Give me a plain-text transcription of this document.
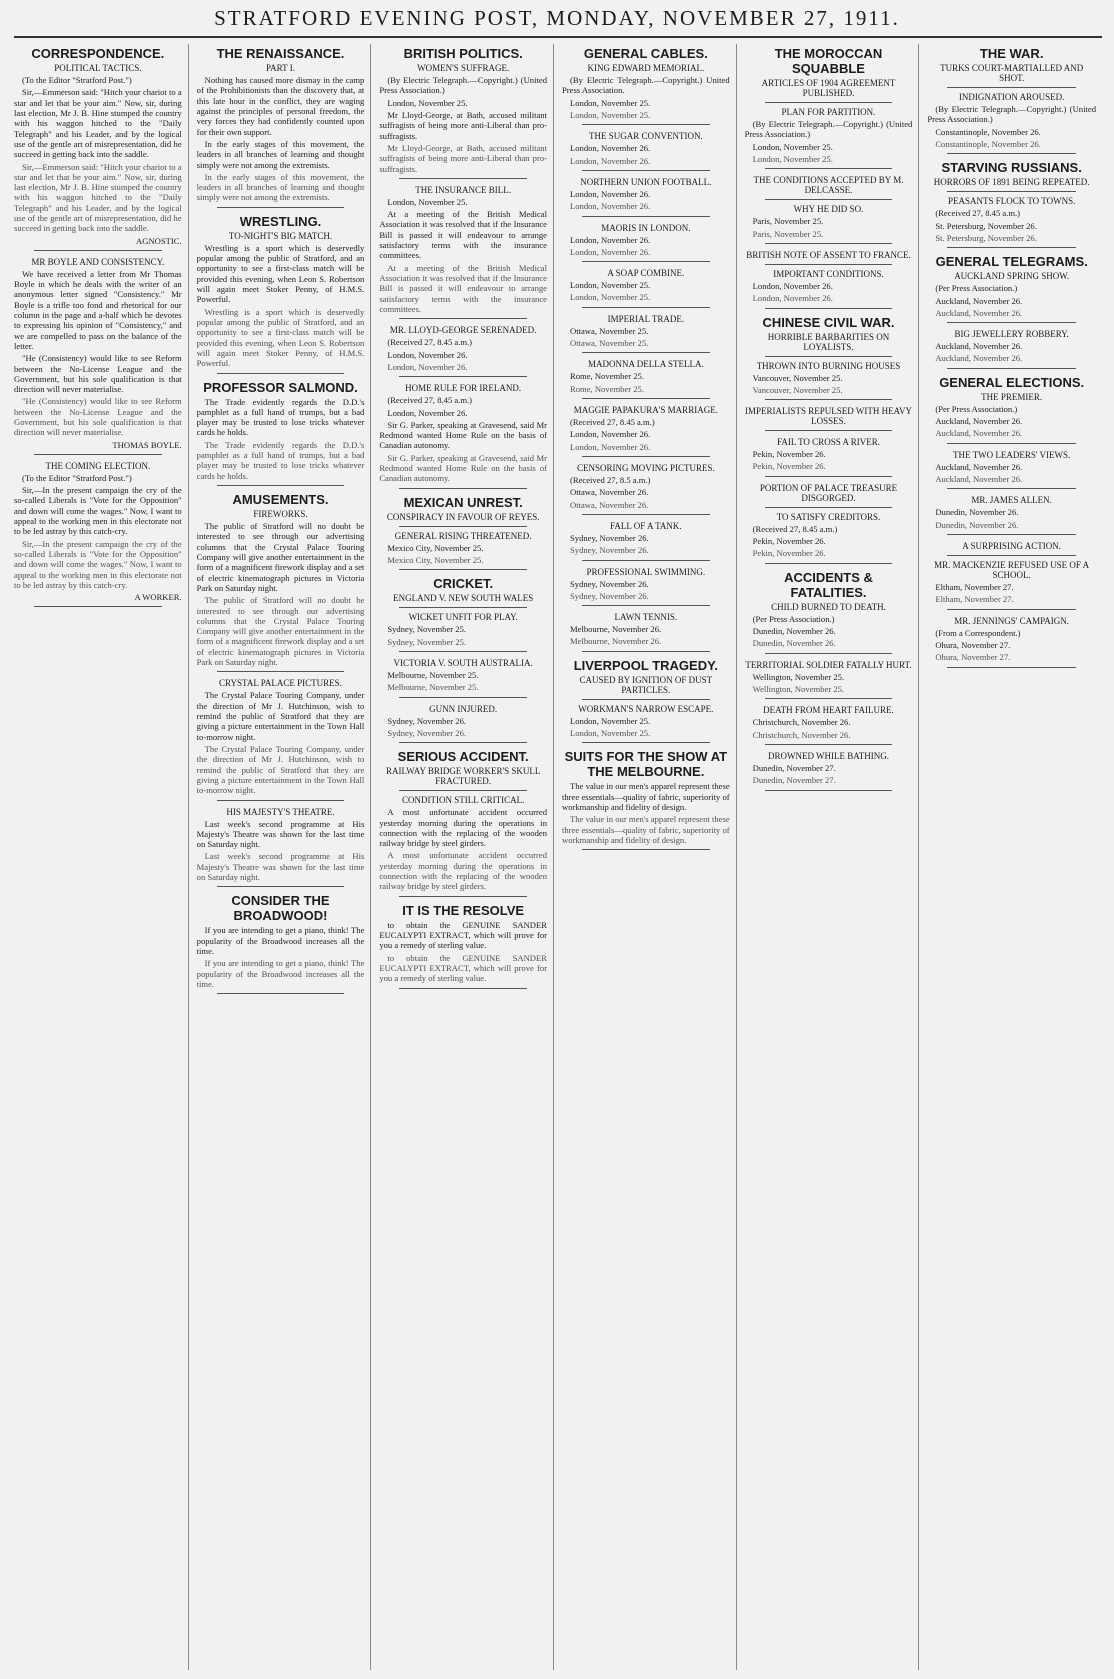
STRATFORD EVENING POST, MONDAY, NOVEMBER 27, 1911.
CORRESPONDENCE.
POLITICAL TACTICS.

(To the Editor "Stratford Post.")

Sir,—Emmerson said: "Hitch your chariot to a star and let that be your aim." Now, sir, during last election, Mr J. B. Hine stumped the country with his waggon hitched to the "Daily Telegraph" and his Leader, and by the logical use of the gentle art of misrepresentation, did he succeed in getting back into the saddle.

Sir,—Emmerson said: "Hitch your chariot to a star and let that be your aim." Now, sir, during last election, Mr J. B. Hine stumped the country with his waggon hitched to the "Daily Telegraph" and his Leader, and by the logical use of the gentle art of misrepresentation, did he succeed in getting back into the saddle.

AGNOSTIC.
MR BOYLE AND CONSISTENCY.

We have received a letter from Mr Thomas Boyle in which he deals with the writer of an anonymous letter signed "Consistency." Mr Boyle is a trifle too fond and rhetorical for our column in the page and a-half which he devotes to expressing his opinion of "Consistency," and we are compelled to pass on the balance of the letter.

"He (Consistency) would like to see Reform between the No-License League and the Government, but his sole qualification is that direction will never materialise.

"He (Consistency) would like to see Reform between the No-License League and the Government, but his sole qualification is that direction will never materialise.

THOMAS BOYLE.
THE COMING ELECTION.

(To the Editor "Stratford Post.")

Sir,—In the present campaign the cry of the so-called Liberals is "Vote for the Opposition" and down will come the wages." Now, I want to appeal to the working men in this electorate not to be led astray by this catch-cry.

Sir,—In the present campaign the cry of the so-called Liberals is "Vote for the Opposition" and down will come the wages." Now, I want to appeal to the working men in this electorate not to be led astray by this catch-cry.

A WORKER.
THE RENAISSANCE.
PART I.

Nothing has caused more dismay in the camp of the Prohibitionists than the discovery that, at this late hour in the conflict, they are waging against the principles of personal freedom, the very forces they had confidently counted upon for their own support.

In the early stages of this movement, the leaders in all branches of learning and thought simply were not among the extremists.

In the early stages of this movement, the leaders in all branches of learning and thought simply were not among the extremists.

WRESTLING.
TO-NIGHT'S BIG MATCH.

Wrestling is a sport which is deservedly popular among the public of Stratford, and an opportunity to see a first-class match will be provided this evening, when Leon S. Robertson will again meet Stoker Penny, of H.M.S. Powerful.

Wrestling is a sport which is deservedly popular among the public of Stratford, and an opportunity to see a first-class match will be provided this evening, when Leon S. Robertson will again meet Stoker Penny, of H.M.S. Powerful.

PROFESSOR SALMOND.

The Trade evidently regards the D.D.'s pamphlet as a full hand of trumps, but a bad player may be trusted to lose tricks whatever cards he holds.

The Trade evidently regards the D.D.'s pamphlet as a full hand of trumps, but a bad player may be trusted to lose tricks whatever cards he holds.

AMUSEMENTS.
FIREWORKS.

The public of Stratford will no doubt be interested to see through our advertising columns that the Crystal Palace Touring Company will give another entertainment in the form of a magnificent firework display and a set of electric kinematograph pictures in Victoria Park on Saturday night.

The public of Stratford will no doubt be interested to see through our advertising columns that the Crystal Palace Touring Company will give another entertainment in the form of a magnificent firework display and a set of electric kinematograph pictures in Victoria Park on Saturday night.

CRYSTAL PALACE PICTURES.

The Crystal Palace Touring Company, under the direction of Mr J. Hutchinson, wish to remind the public of Stratford that they are giving a picture entertainment in the Town Hall to-morrow night.

The Crystal Palace Touring Company, under the direction of Mr J. Hutchinson, wish to remind the public of Stratford that they are giving a picture entertainment in the Town Hall to-morrow night.

HIS MAJESTY'S THEATRE.

Last week's second programme at His Majesty's Theatre was shown for the last time on Saturday night.

Last week's second programme at His Majesty's Theatre was shown for the last time on Saturday night.

CONSIDER THE BROADWOOD!

If you are intending to get a piano, think! The popularity of the Broadwood increases all the time.

If you are intending to get a piano, think! The popularity of the Broadwood increases all the time.

BRITISH POLITICS.
WOMEN'S SUFFRAGE.

(By Electric Telegraph.—Copyright.) (United Press Association.)

London, November 25.

Mr Lloyd-George, at Bath, accused militant suffragists of being more anti-Liberal than pro-suffragists.

Mr Lloyd-George, at Bath, accused militant suffragists of being more anti-Liberal than pro-suffragists.

THE INSURANCE BILL.

London, November 25.

At a meeting of the British Medical Association it was resolved that if the Insurance Bill is passed it will endeavour to arrange satisfactory terms with the insurance committees.

At a meeting of the British Medical Association it was resolved that if the Insurance Bill is passed it will endeavour to arrange satisfactory terms with the insurance committees.

MR. LLOYD-GEORGE SERENADED.

(Received 27, 8.45 a.m.)

London, November 26.

London, November 26.

HOME RULE FOR IRELAND.

(Received 27, 8.45 a.m.)

London, November 26.

Sir G. Parker, speaking at Gravesend, said Mr Redmond wanted Home Rule on the basis of Canadian autonomy.

Sir G. Parker, speaking at Gravesend, said Mr Redmond wanted Home Rule on the basis of Canadian autonomy.

MEXICAN UNREST.
CONSPIRACY IN FAVOUR OF REYES.
GENERAL RISING THREATENED.

Mexico City, November 25.

Mexico City, November 25.

CRICKET.
ENGLAND V. NEW SOUTH WALES
WICKET UNFIT FOR PLAY.

Sydney, November 25.

Sydney, November 25.

VICTORIA V. SOUTH AUSTRALIA.

Melbourne, November 25.

Melbourne, November 25.

GUNN INJURED.

Sydney, November 26.

Sydney, November 26.

SERIOUS ACCIDENT.
RAILWAY BRIDGE WORKER'S SKULL FRACTURED.
CONDITION STILL CRITICAL.

A most unfortunate accident occurred yesterday morning during the operations in connection with the replacing of the wooden railway bridge by steel girders.

A most unfortunate accident occurred yesterday morning during the operations in connection with the replacing of the wooden railway bridge by steel girders.

IT IS THE RESOLVE

to obtain the GENUINE SANDER EUCALYPTI EXTRACT, which will prove for you a remedy of sterling value.

to obtain the GENUINE SANDER EUCALYPTI EXTRACT, which will prove for you a remedy of sterling value.

GENERAL CABLES.
KING EDWARD MEMORIAL.

(By Electric Telegraph.—Copyright.) United Press Association.

London, November 25.

London, November 25.

THE SUGAR CONVENTION.

London, November 26.

London, November 26.

NORTHERN UNION FOOTBALL.

London, November 26.

London, November 26.

MAORIS IN LONDON.

London, November 26.

London, November 26.

A SOAP COMBINE.

London, November 25.

London, November 25.

IMPERIAL TRADE.

Ottawa, November 25.

Ottawa, November 25.

MADONNA DELLA STELLA.

Rome, November 25.

Rome, November 25.

MAGGIE PAPAKURA'S MARRIAGE.

(Received 27, 8.45 a.m.)

London, November 26.

London, November 26.

CENSORING MOVING PICTURES.

(Received 27, 8.5 a.m.)

Ottawa, November 26.

Ottawa, November 26.

FALL OF A TANK.

Sydney, November 26.

Sydney, November 26.

PROFESSIONAL SWIMMING.

Sydney, November 26.

Sydney, November 26.

LAWN TENNIS.

Melbourne, November 26.

Melbourne, November 26.

LIVERPOOL TRAGEDY.
CAUSED BY IGNITION OF DUST PARTICLES.
WORKMAN'S NARROW ESCAPE.

London, November 25.

London, November 25.

SUITS FOR THE SHOW AT THE MELBOURNE.

The value in our men's apparel represent these three essentials—quality of fabric, superiority of workmanship and fidelity of design.

The value in our men's apparel represent these three essentials—quality of fabric, superiority of workmanship and fidelity of design.

THE MOROCCAN SQUABBLE
ARTICLES OF 1904 AGREEMENT PUBLISHED.
PLAN FOR PARTITION.

(By Electric Telegraph.—Copyright.) (United Press Association.)

London, November 25.

London, November 25.

THE CONDITIONS ACCEPTED BY M. DELCASSE.
WHY HE DID SO.

Paris, November 25.

Paris, November 25.

BRITISH NOTE OF ASSENT TO FRANCE.
IMPORTANT CONDITIONS.

London, November 26.

London, November 26.

CHINESE CIVIL WAR.
HORRIBLE BARBARITIES ON LOYALISTS.
THROWN INTO BURNING HOUSES

Vancouver, November 25.

Vancouver, November 25.

IMPERIALISTS REPULSED WITH HEAVY LOSSES.
FAIL TO CROSS A RIVER.

Pekin, November 26.

Pekin, November 26.

PORTION OF PALACE TREASURE DISGORGED.
TO SATISFY CREDITORS.

(Received 27, 8.45 a.m.)

Pekin, November 26.

Pekin, November 26.

ACCIDENTS & FATALITIES.
CHILD BURNED TO DEATH.

(Per Press Association.)

Dunedin, November 26.

Dunedin, November 26.

TERRITORIAL SOLDIER FATALLY HURT.

Wellington, November 25.

Wellington, November 25.

DEATH FROM HEART FAILURE.

Christchurch, November 26.

Christchurch, November 26.

DROWNED WHILE BATHING.

Dunedin, November 27.

Dunedin, November 27.

THE WAR.
TURKS COURT-MARTIALLED AND SHOT.
INDIGNATION AROUSED.

(By Electric Telegraph.—Copyright.) (United Press Association.)

Constantinople, November 26.

Constantinople, November 26.

STARVING RUSSIANS.
HORRORS OF 1891 BEING REPEATED.
PEASANTS FLOCK TO TOWNS.

(Received 27, 8.45 a.m.)

St. Petersburg, November 26.

St. Petersburg, November 26.

GENERAL TELEGRAMS.
AUCKLAND SPRING SHOW.

(Per Press Association.)

Auckland, November 26.

Auckland, November 26.

BIG JEWELLERY ROBBERY.

Auckland, November 26.

Auckland, November 26.

GENERAL ELECTIONS.
THE PREMIER.

(Per Press Association.)

Auckland, November 26.

Auckland, November 26.

THE TWO LEADERS' VIEWS.

Auckland, November 26.

Auckland, November 26.

MR. JAMES ALLEN.

Dunedin, November 26.

Dunedin, November 26.

A SURPRISING ACTION.
MR. MACKENZIE REFUSED USE OF A SCHOOL.

Eltham, November 27.

Eltham, November 27.

MR. JENNINGS' CAMPAIGN.

(From a Correspondent.)

Ohura, November 27.

Ohura, November 27.
